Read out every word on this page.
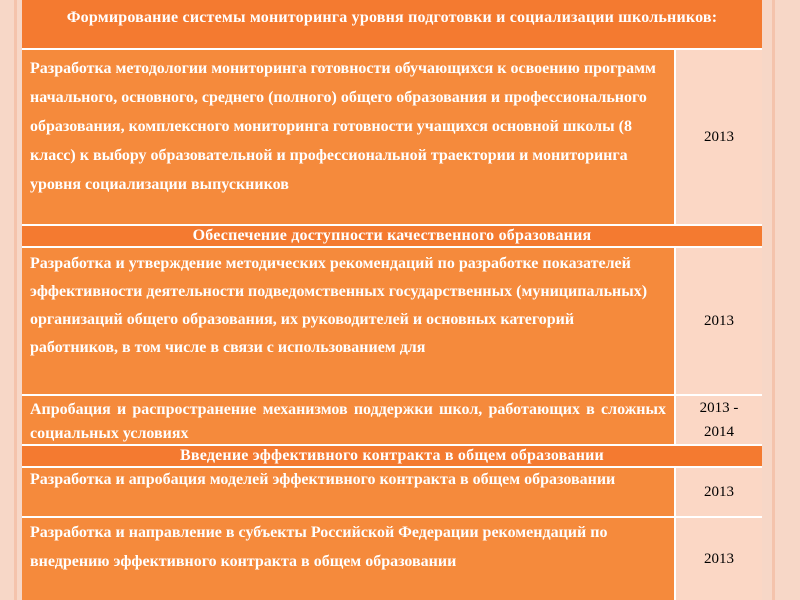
Формирование системы мониторинга уровня подготовки и социализации школьников:

Разработка методологии мониторинга готовности обучающихся к освоению программ начального, основного, среднего (полного) общего образования и профессионального образования, комплексного мониторинга готовности учащихся основной школы (8 класс) к выбору образовательной и профессиональной траектории и мониторинга уровня социализации выпускников

2013
Обеспечение доступности качественного образования

Разработка и утверждение методических рекомендаций по разработке показателей эффективности деятельности подведомственных государственных (муниципальных) организаций общего образования, их руководителей и основных категорий работников, в том числе в связи с использованием для

2013

Апробация и распространение механизмов поддержки школ, работающих в сложных социальных условиях

2013 - 2014
Введение эффективного контракта в общем образовании

Разработка и апробация моделей эффективного контракта в общем образовании

2013

Разработка и направление в субъекты Российской Федерации рекомендаций по внедрению эффективного контракта в общем образовании	2013
